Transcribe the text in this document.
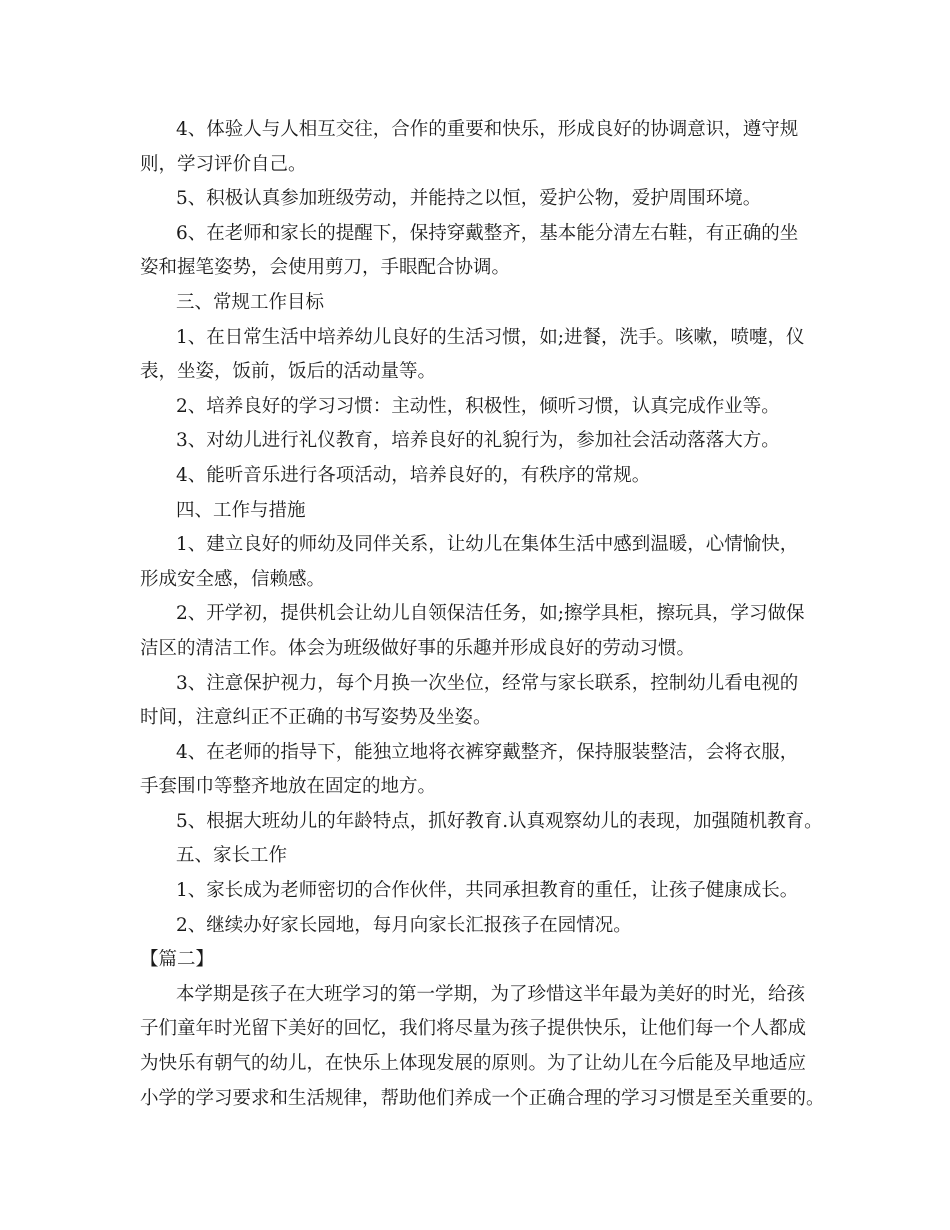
4、体验人与人相互交往，合作的重要和快乐，形成良好的协调意识，遵守规
则，学习评价自己。
5、积极认真参加班级劳动，并能持之以恒，爱护公物，爱护周围环境。
6、在老师和家长的提醒下，保持穿戴整齐，基本能分清左右鞋，有正确的坐
姿和握笔姿势，会使用剪刀，手眼配合协调。
三、常规工作目标
1、在日常生活中培养幼儿良好的生活习惯，如;进餐，洗手。咳嗽，喷嚏，仪
表，坐姿，饭前，饭后的活动量等。
2、培养良好的学习习惯：主动性，积极性，倾听习惯，认真完成作业等。
3、对幼儿进行礼仪教育，培养良好的礼貌行为，参加社会活动落落大方。
4、能听音乐进行各项活动，培养良好的，有秩序的常规。
四、工作与措施
1、建立良好的师幼及同伴关系，让幼儿在集体生活中感到温暖，心情愉快，
形成安全感，信赖感。
2、开学初，提供机会让幼儿自领保洁任务，如;擦学具柜，擦玩具，学习做保
洁区的清洁工作。体会为班级做好事的乐趣并形成良好的劳动习惯。
3、注意保护视力，每个月换一次坐位，经常与家长联系，控制幼儿看电视的
时间，注意纠正不正确的书写姿势及坐姿。
4、在老师的指导下，能独立地将衣裤穿戴整齐，保持服装整洁，会将衣服，
手套围巾等整齐地放在固定的地方。
5、根据大班幼儿的年龄特点，抓好教育.认真观察幼儿的表现，加强随机教育。
五、家长工作
1、家长成为老师密切的合作伙伴，共同承担教育的重任，让孩子健康成长。
2、继续办好家长园地，每月向家长汇报孩子在园情况。
【篇二】
本学期是孩子在大班学习的第一学期，为了珍惜这半年最为美好的时光，给孩
子们童年时光留下美好的回忆，我们将尽量为孩子提供快乐，让他们每一个人都成
为快乐有朝气的幼儿，在快乐上体现发展的原则。为了让幼儿在今后能及早地适应
小学的学习要求和生活规律，帮助他们养成一个正确合理的学习习惯是至关重要的。
